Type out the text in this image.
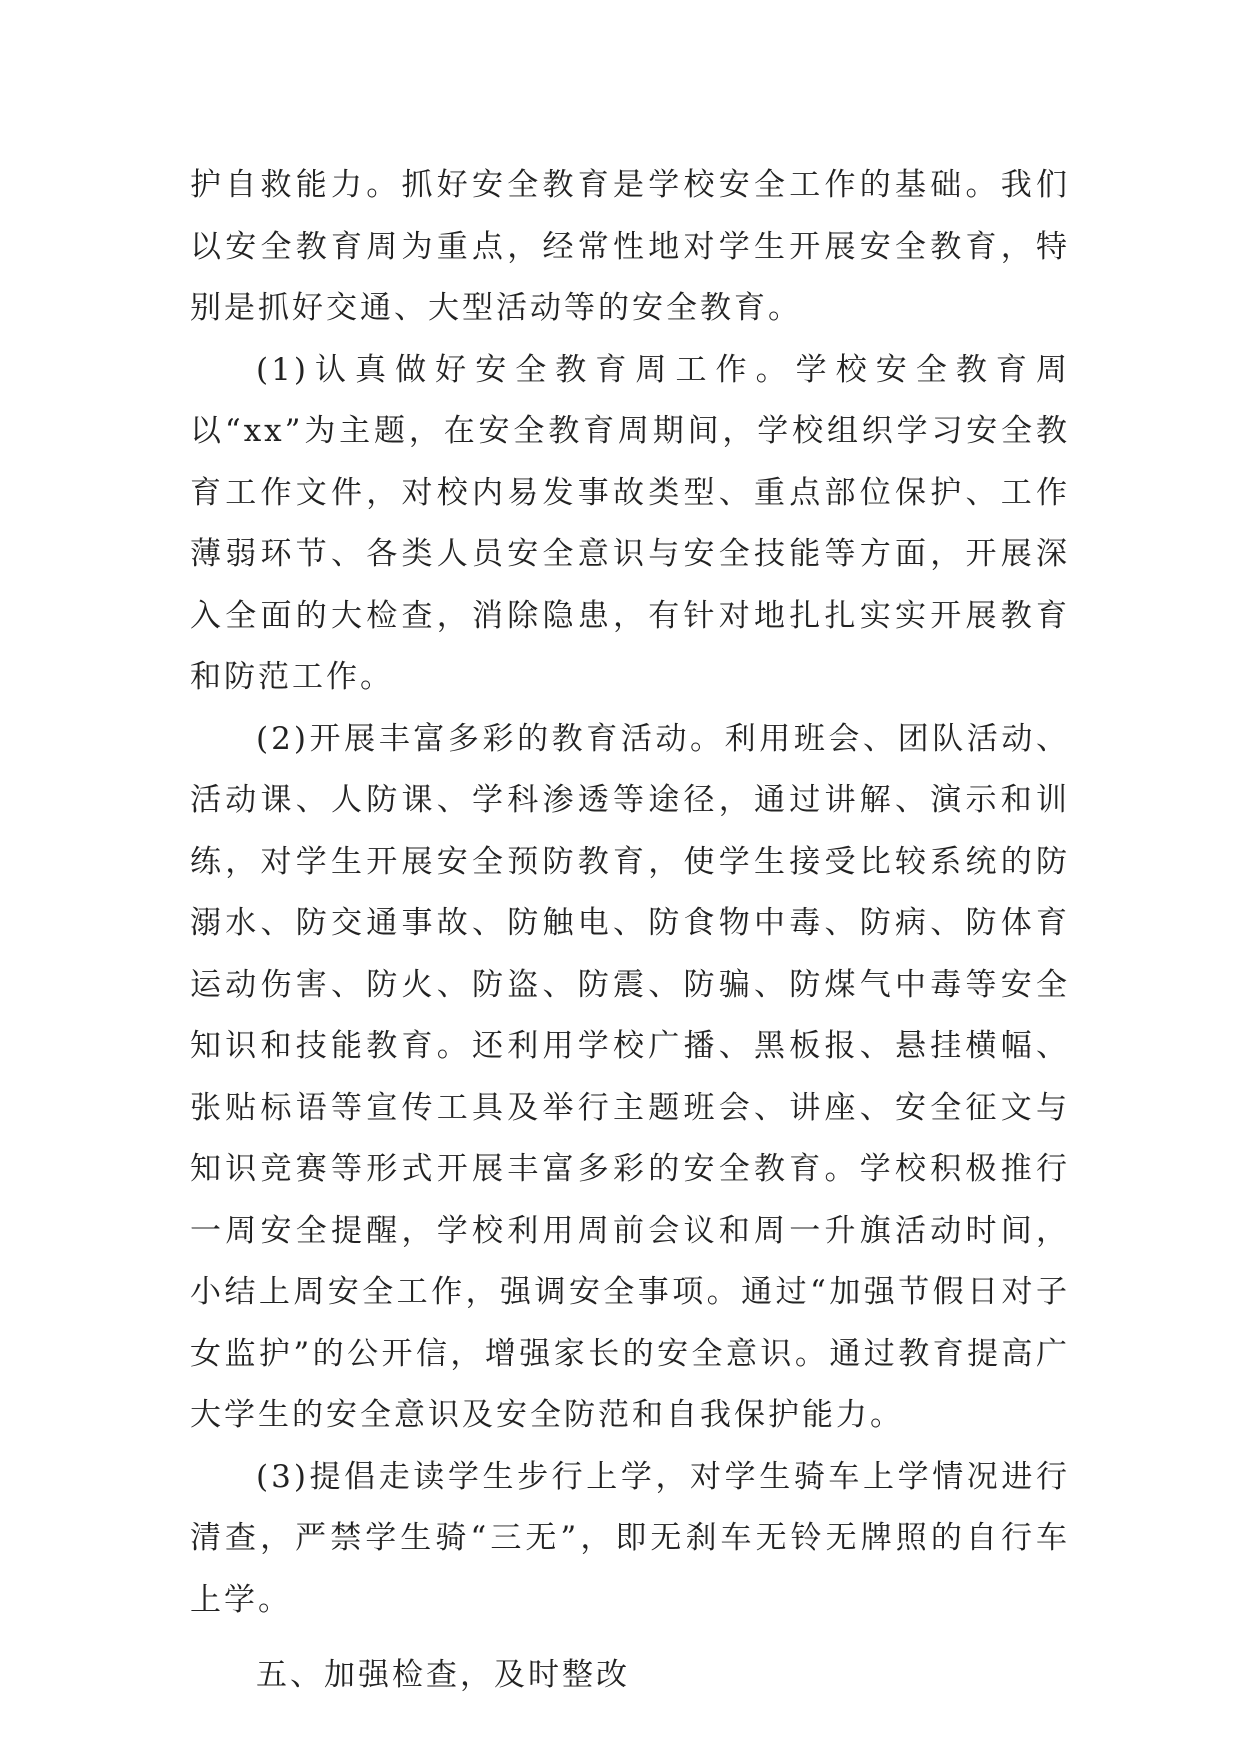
护自救能力。抓好安全教育是学校安全工作的基础。我们以安全教育周为重点，经常性地对学生开展安全教育，特别是抓好交通、大型活动等的安全教育。

(1)认真做好安全教育周工作。学校安全教育周以“xx”为主题，在安全教育周期间，学校组织学习安全教育工作文件，对校内易发事故类型、重点部位保护、工作薄弱环节、各类人员安全意识与安全技能等方面，开展深入全面的大检查，消除隐患，有针对地扎扎实实开展教育和防范工作。

(2)开展丰富多彩的教育活动。利用班会、团队活动、活动课、人防课、学科渗透等途径，通过讲解、演示和训练，对学生开展安全预防教育，使学生接受比较系统的防溺水、防交通事故、防触电、防食物中毒、防病、防体育运动伤害、防火、防盗、防震、防骗、防煤气中毒等安全知识和技能教育。还利用学校广播、黑板报、悬挂横幅、张贴标语等宣传工具及举行主题班会、讲座、安全征文与知识竞赛等形式开展丰富多彩的安全教育。学校积极推行一周安全提醒，学校利用周前会议和周一升旗活动时间，小结上周安全工作，强调安全事项。通过“加强节假日对子女监护”的公开信，增强家长的安全意识。通过教育提高广大学生的安全意识及安全防范和自我保护能力。

(3)提倡走读学生步行上学，对学生骑车上学情况进行清查，严禁学生骑“三无”，即无刹车无铃无牌照的自行车上学。

五、加强检查，及时整改
